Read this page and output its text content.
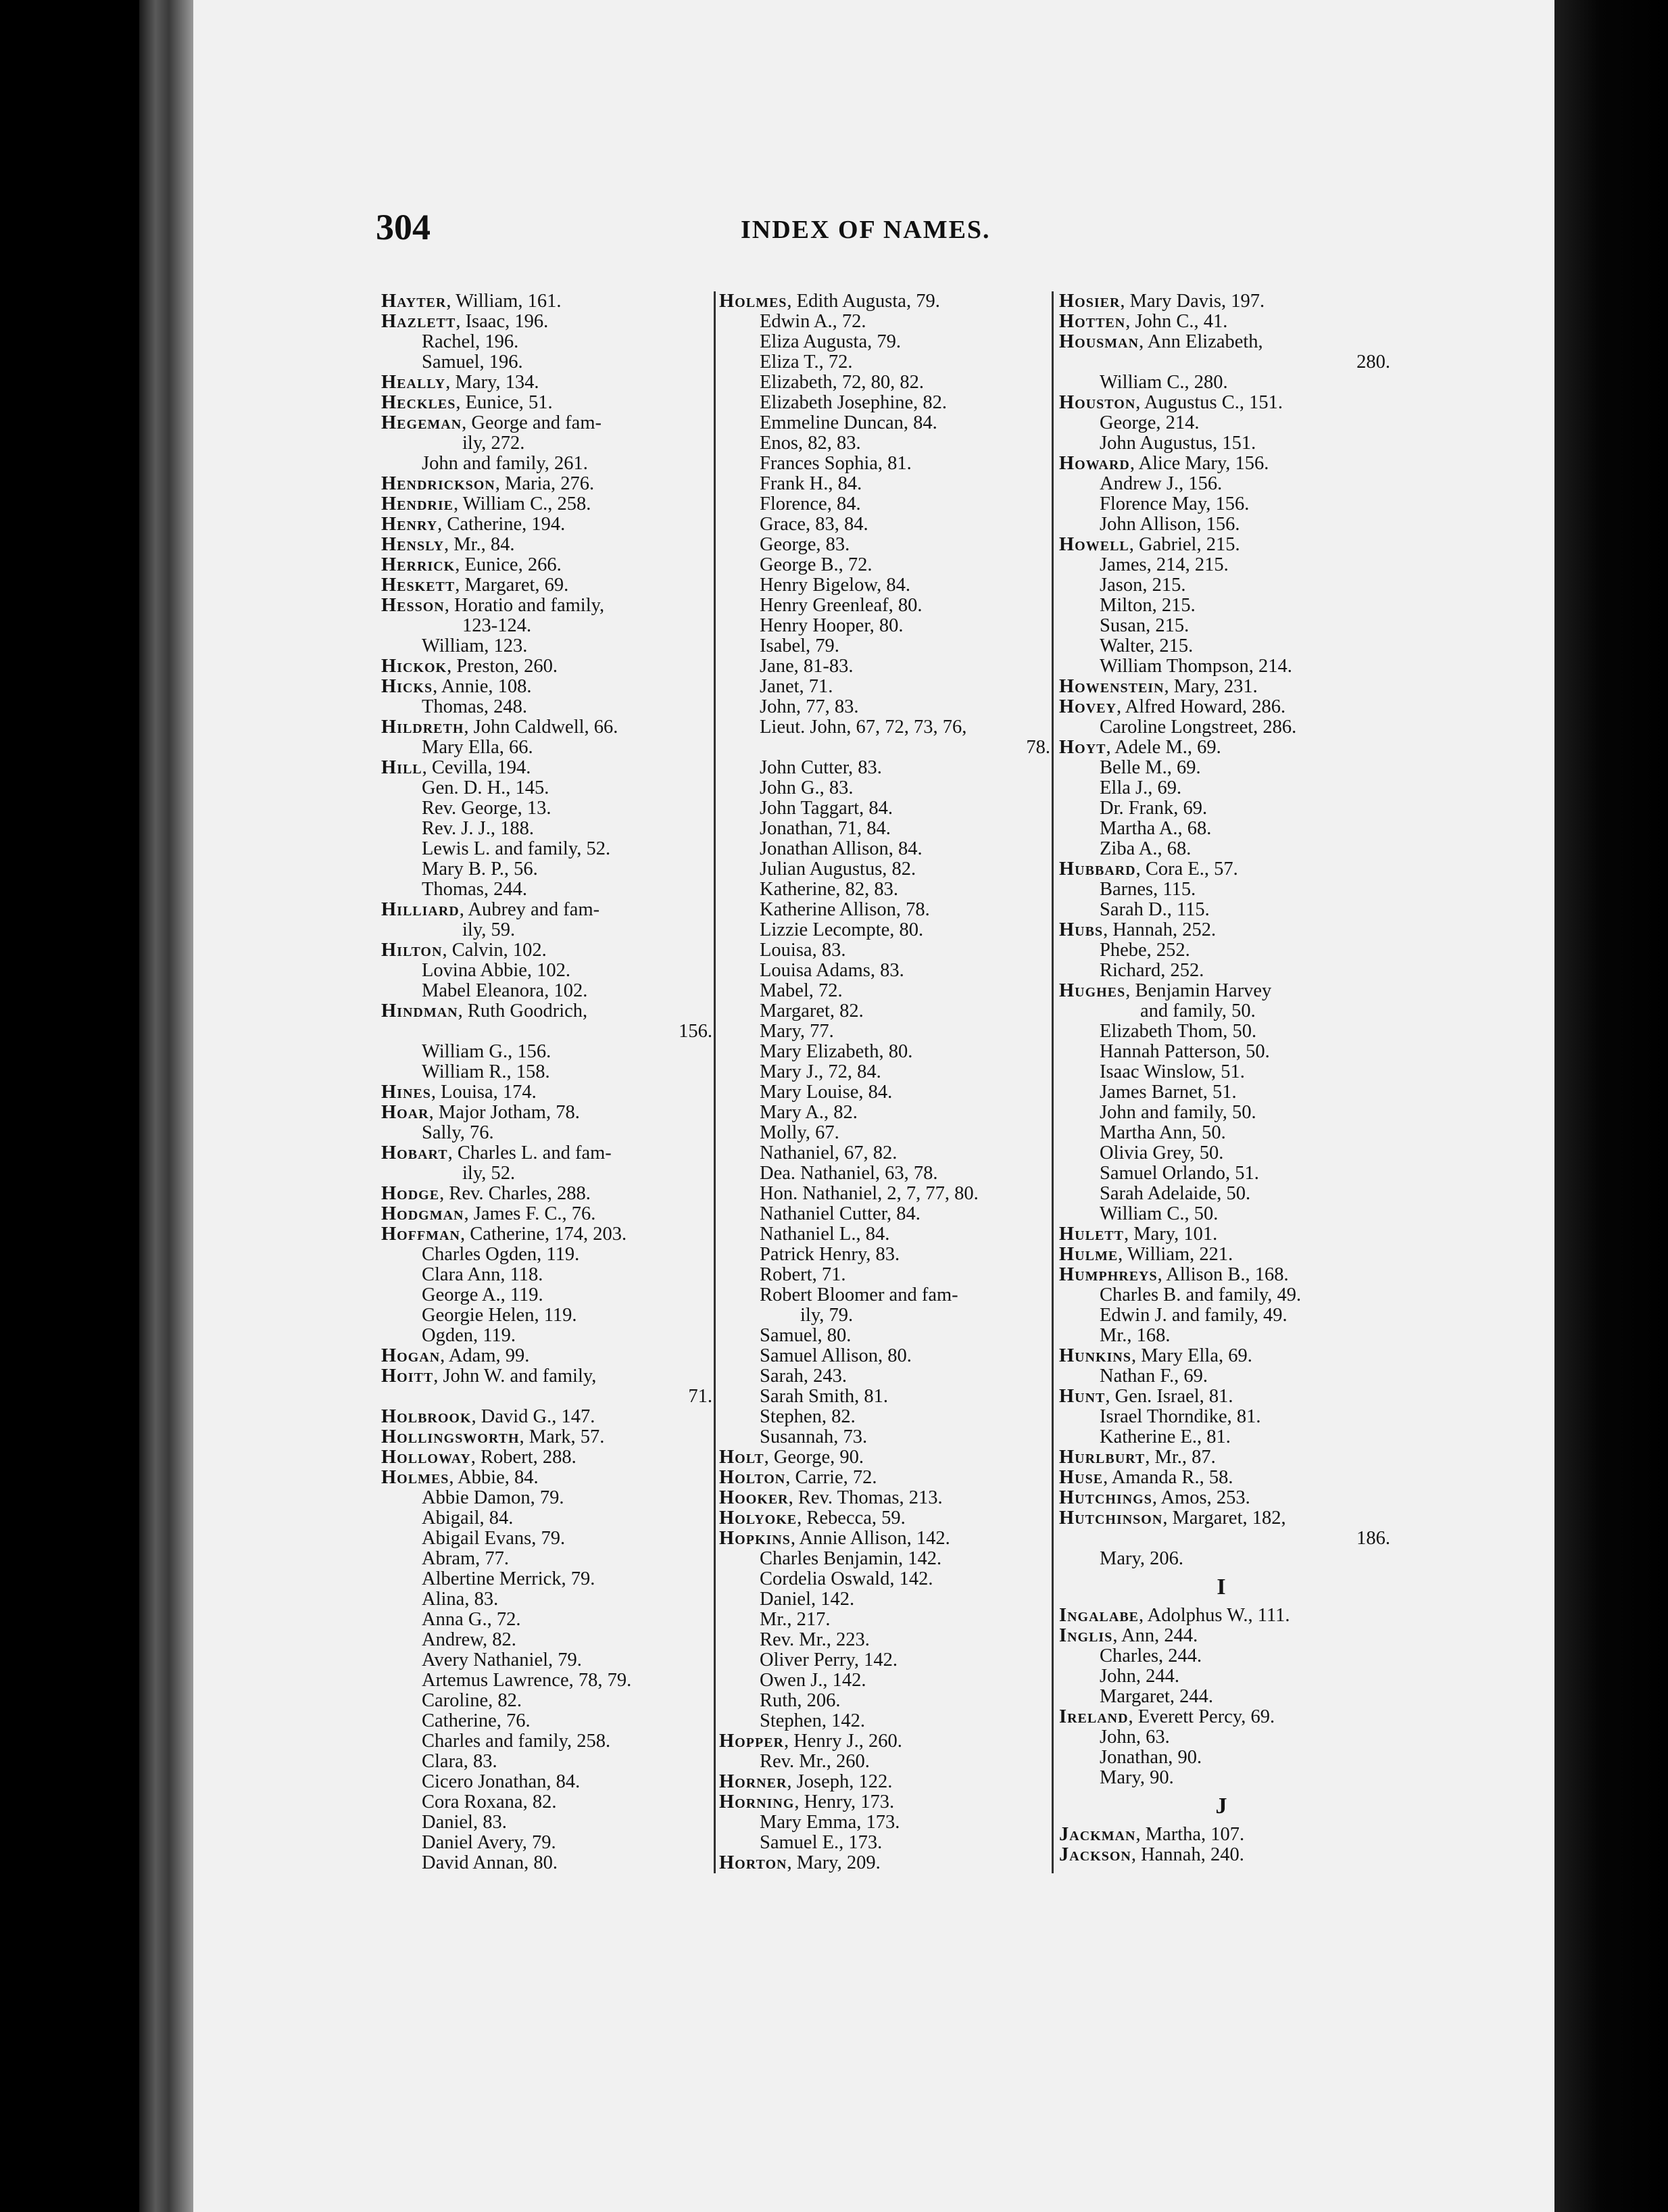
304	INDEX OF NAMES.
Hayter, William, 161.
Hazlett, Isaac, 196.
Rachel, 196.
Samuel, 196.
Heally, Mary, 134.
Heckles, Eunice, 51.
Hegeman, George and fam-
ily, 272.
John and family, 261.
Hendrickson, Maria, 276.
Hendrie, William C., 258.
Henry, Catherine, 194.
Hensly, Mr., 84.
Herrick, Eunice, 266.
Heskett, Margaret, 69.
Hesson, Horatio and family,
123-124.
William, 123.
Hickok, Preston, 260.
Hicks, Annie, 108.
Thomas, 248.
Hildreth, John Caldwell, 66.
Mary Ella, 66.
Hill, Cevilla, 194.
Gen. D. H., 145.
Rev. George, 13.
Rev. J. J., 188.
Lewis L. and family, 52.
Mary B. P., 56.
Thomas, 244.
Hilliard, Aubrey and fam-
ily, 59.
Hilton, Calvin, 102.
Lovina Abbie, 102.
Mabel Eleanora, 102.
Hindman, Ruth Goodrich,
156.
William G., 156.
William R., 158.
Hines, Louisa, 174.
Hoar, Major Jotham, 78.
Sally, 76.
Hobart, Charles L. and fam-
ily, 52.
Hodge, Rev. Charles, 288.
Hodgman, James F. C., 76.
Hoffman, Catherine, 174, 203.
Charles Ogden, 119.
Clara Ann, 118.
George A., 119.
Georgie Helen, 119.
Ogden, 119.
Hogan, Adam, 99.
Hoitt, John W. and family,
71.
Holbrook, David G., 147.
Hollingsworth, Mark, 57.
Holloway, Robert, 288.
Holmes, Abbie, 84.
Abbie Damon, 79.
Abigail, 84.
Abigail Evans, 79.
Abram, 77.
Albertine Merrick, 79.
Alina, 83.
Anna G., 72.
Andrew, 82.
Avery Nathaniel, 79.
Artemus Lawrence, 78, 79.
Caroline, 82.
Catherine, 76.
Charles and family, 258.
Clara, 83.
Cicero Jonathan, 84.
Cora Roxana, 82.
Daniel, 83.
Daniel Avery, 79.
David Annan, 80.
Holmes, Edith Augusta, 79.
Edwin A., 72.
Eliza Augusta, 79.
Eliza T., 72.
Elizabeth, 72, 80, 82.
Elizabeth Josephine, 82.
Emmeline Duncan, 84.
Enos, 82, 83.
Frances Sophia, 81.
Frank H., 84.
Florence, 84.
Grace, 83, 84.
George, 83.
George B., 72.
Henry Bigelow, 84.
Henry Greenleaf, 80.
Henry Hooper, 80.
Isabel, 79.
Jane, 81-83.
Janet, 71.
John, 77, 83.
Lieut. John, 67, 72, 73, 76,
78.
John Cutter, 83.
John G., 83.
John Taggart, 84.
Jonathan, 71, 84.
Jonathan Allison, 84.
Julian Augustus, 82.
Katherine, 82, 83.
Katherine Allison, 78.
Lizzie Lecompte, 80.
Louisa, 83.
Louisa Adams, 83.
Mabel, 72.
Margaret, 82.
Mary, 77.
Mary Elizabeth, 80.
Mary J., 72, 84.
Mary Louise, 84.
Mary A., 82.
Molly, 67.
Nathaniel, 67, 82.
Dea. Nathaniel, 63, 78.
Hon. Nathaniel, 2, 7, 77, 80.
Nathaniel Cutter, 84.
Nathaniel L., 84.
Patrick Henry, 83.
Robert, 71.
Robert Bloomer and fam-
ily, 79.
Samuel, 80.
Samuel Allison, 80.
Sarah, 243.
Sarah Smith, 81.
Stephen, 82.
Susannah, 73.
Holt, George, 90.
Holton, Carrie, 72.
Hooker, Rev. Thomas, 213.
Holyoke, Rebecca, 59.
Hopkins, Annie Allison, 142.
Charles Benjamin, 142.
Cordelia Oswald, 142.
Daniel, 142.
Mr., 217.
Rev. Mr., 223.
Oliver Perry, 142.
Owen J., 142.
Ruth, 206.
Stephen, 142.
Hopper, Henry J., 260.
Rev. Mr., 260.
Horner, Joseph, 122.
Horning, Henry, 173.
Mary Emma, 173.
Samuel E., 173.
Horton, Mary, 209.
Hosier, Mary Davis, 197.
Hotten, John C., 41.
Housman, Ann Elizabeth,
280.
William C., 280.
Houston, Augustus C., 151.
George, 214.
John Augustus, 151.
Howard, Alice Mary, 156.
Andrew J., 156.
Florence May, 156.
John Allison, 156.
Howell, Gabriel, 215.
James, 214, 215.
Jason, 215.
Milton, 215.
Susan, 215.
Walter, 215.
William Thompson, 214.
Howenstein, Mary, 231.
Hovey, Alfred Howard, 286.
Caroline Longstreet, 286.
Hoyt, Adele M., 69.
Belle M., 69.
Ella J., 69.
Dr. Frank, 69.
Martha A., 68.
Ziba A., 68.
Hubbard, Cora E., 57.
Barnes, 115.
Sarah D., 115.
Hubs, Hannah, 252.
Phebe, 252.
Richard, 252.
Hughes, Benjamin Harvey
and family, 50.
Elizabeth Thom, 50.
Hannah Patterson, 50.
Isaac Winslow, 51.
James Barnet, 51.
John and family, 50.
Martha Ann, 50.
Olivia Grey, 50.
Samuel Orlando, 51.
Sarah Adelaide, 50.
William C., 50.
Hulett, Mary, 101.
Hulme, William, 221.
Humphreys, Allison B., 168.
Charles B. and family, 49.
Edwin J. and family, 49.
Mr., 168.
Hunkins, Mary Ella, 69.
Nathan F., 69.
Hunt, Gen. Israel, 81.
Israel Thorndike, 81.
Katherine E., 81.
Hurlburt, Mr., 87.
Huse, Amanda R., 58.
Hutchings, Amos, 253.
Hutchinson, Margaret, 182,
186.
Mary, 206.
I
Ingalabe, Adolphus W., 111.
Inglis, Ann, 244.
Charles, 244.
John, 244.
Margaret, 244.
Ireland, Everett Percy, 69.
John, 63.
Jonathan, 90.
Mary, 90.
J
Jackman, Martha, 107.
Jackson, Hannah, 240.
